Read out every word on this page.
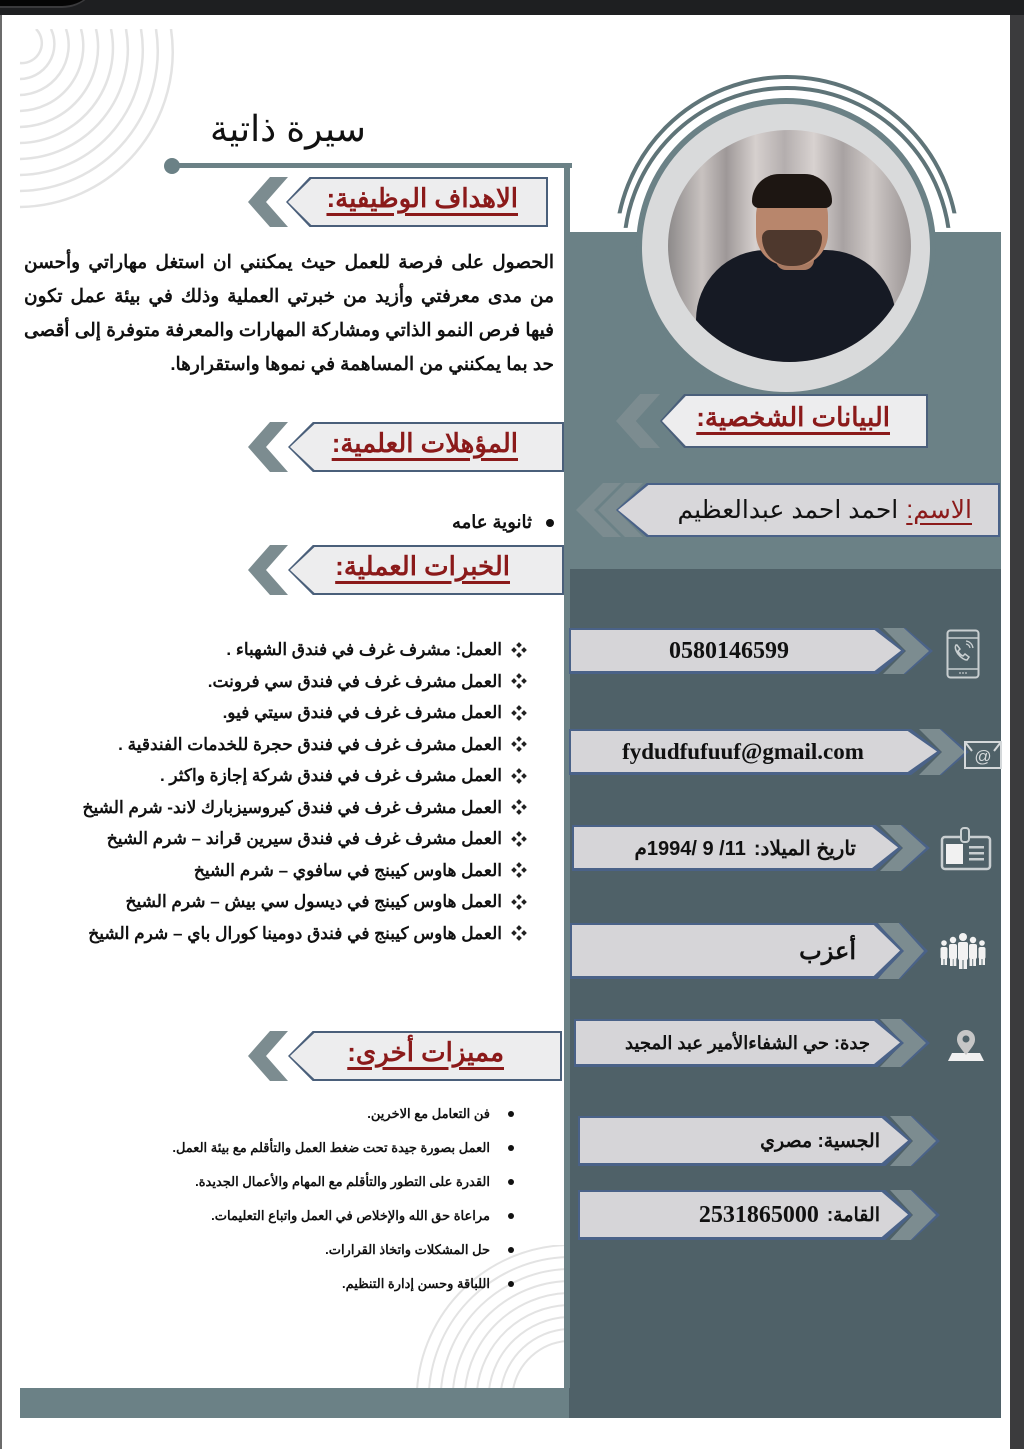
سيرة ذاتية
الاهداف الوظيفية:
الحصول على فرصة للعمل حيث يمكنني ان استغل مهاراتي وأحسن من مدى معرفتي وأزيد من خبرتي العملية وذلك في بيئة عمل تكون فيها فرص النمو الذاتي ومشاركة المهارات والمعرفة متوفرة إلى أقصى حد بما يمكنني من المساهمة في نموها واستقرارها.
المؤهلات العلمية:
ثانوية عامه
الخبرات العملية:
العمل: مشرف غرف في فندق الشهباء .
العمل مشرف غرف في فندق سي فرونت.
العمل مشرف غرف في فندق سيتي فيو.
العمل مشرف غرف في فندق حجرة للخدمات الفندقية .
العمل مشرف غرف في فندق شركة إجازة واكثر .
العمل مشرف غرف في فندق كيروسيزبارك لاند- شرم الشيخ
العمل مشرف غرف في فندق سيرين قراند – شرم الشيخ
العمل هاوس كيبنج في سافوي – شرم الشيخ
العمل هاوس كيبنج في ديسول سي بيش – شرم الشيخ
العمل هاوس كيبنج في فندق دومينا كورال باي – شرم الشيخ
مميزات أخرى:
فن التعامل مع الاخرين.
العمل بصورة جيدة تحت ضغط العمل والتأقلم مع بيئة العمل.
القدرة على التطور والتأقلم مع المهام والأعمال الجديدة.
مراعاة حق الله والإخلاص في العمل واتباع التعليمات.
حل المشكلات واتخاذ القرارات.
اللباقة وحسن إدارة التنظيم.
البيانات الشخصية:
الاسم:
احمد احمد عبدالعظيم
0580146599
fydudfufuuf@gmail.com	@
تاريخ الميلاد:
11/ 9 /1994م
أعزب
جدة: حي الشفاءالأمير عبد المجيد
الجسية: مصري
القامة:
2531865000
